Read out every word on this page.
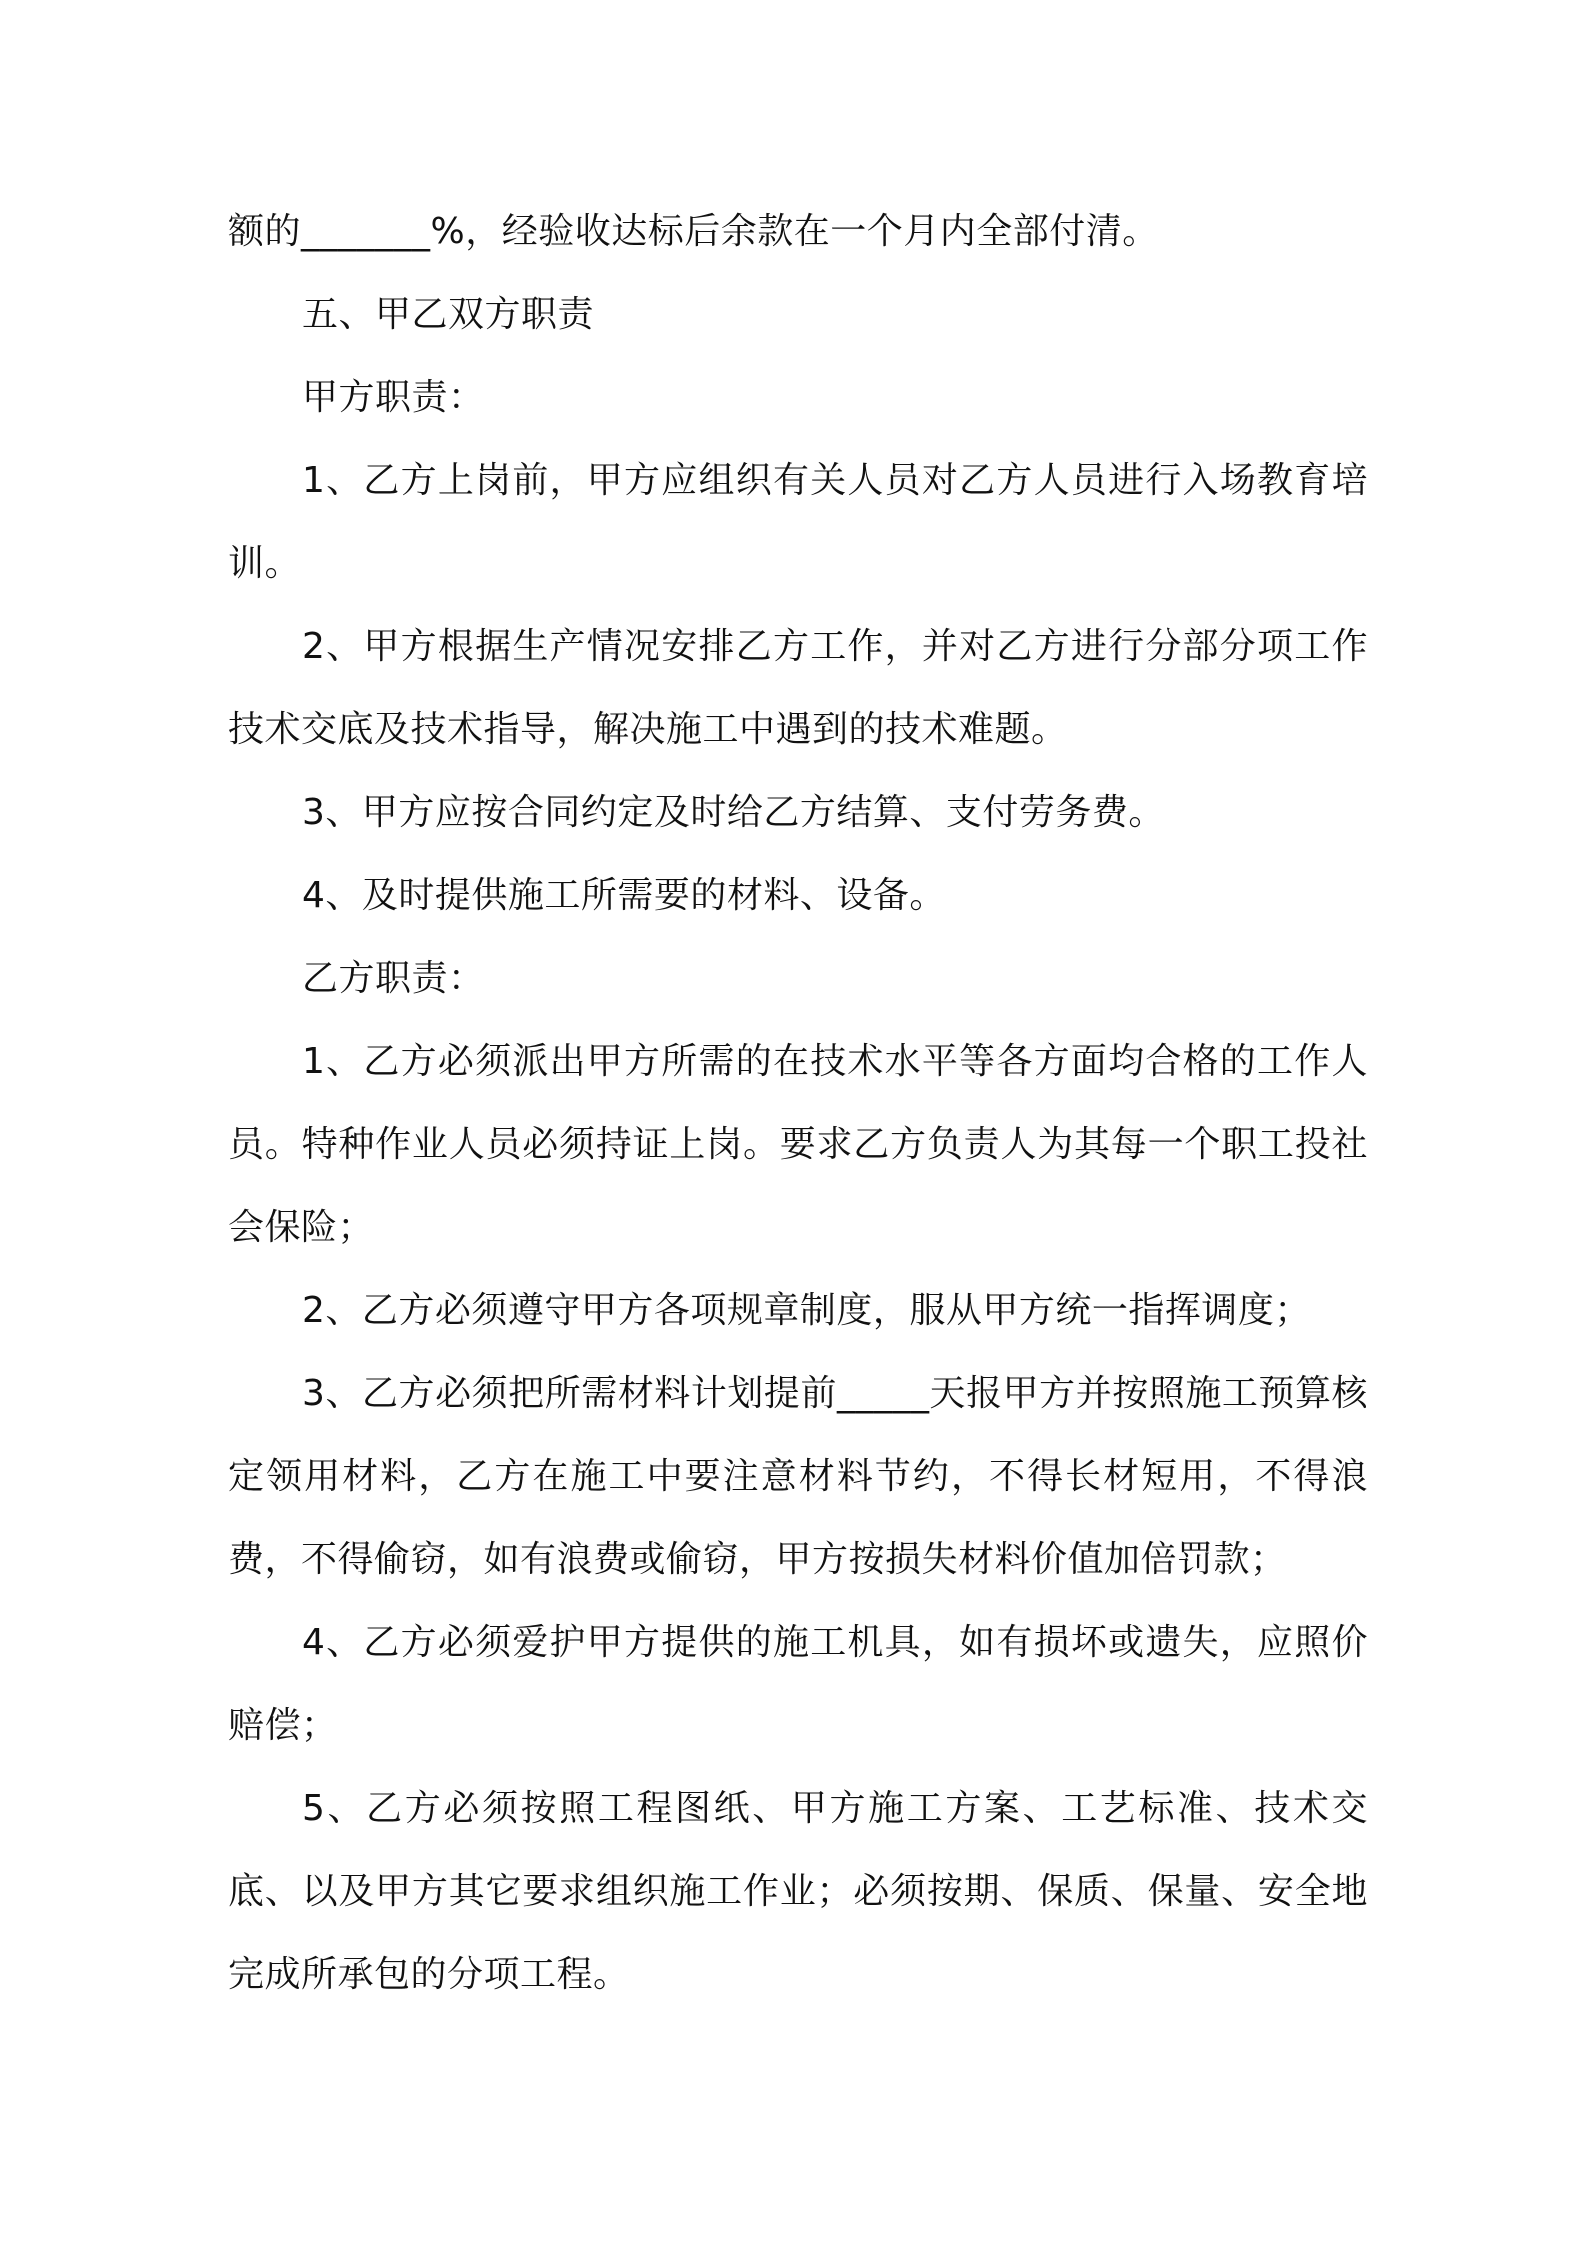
额的_______%，经验收达标后余款在一个月内全部付清。

五、甲乙双方职责

甲方职责：

1、乙方上岗前，甲方应组织有关人员对乙方人员进行入场教育培训。

2、甲方根据生产情况安排乙方工作，并对乙方进行分部分项工作技术交底及技术指导，解决施工中遇到的技术难题。

3、甲方应按合同约定及时给乙方结算、支付劳务费。

4、及时提供施工所需要的材料、设备。

乙方职责：

1、乙方必须派出甲方所需的在技术水平等各方面均合格的工作人员。特种作业人员必须持证上岗。要求乙方负责人为其每一个职工投社会保险；

2、乙方必须遵守甲方各项规章制度，服从甲方统一指挥调度；

3、乙方必须把所需材料计划提前_____天报甲方并按照施工预算核定领用材料，乙方在施工中要注意材料节约，不得长材短用，不得浪费，不得偷窃，如有浪费或偷窃，甲方按损失材料价值加倍罚款；

4、乙方必须爱护甲方提供的施工机具，如有损坏或遗失，应照价赔偿；

5、乙方必须按照工程图纸、甲方施工方案、工艺标准、技术交底、以及甲方其它要求组织施工作业；必须按期、保质、保量、安全地完成所承包的分项工程。
